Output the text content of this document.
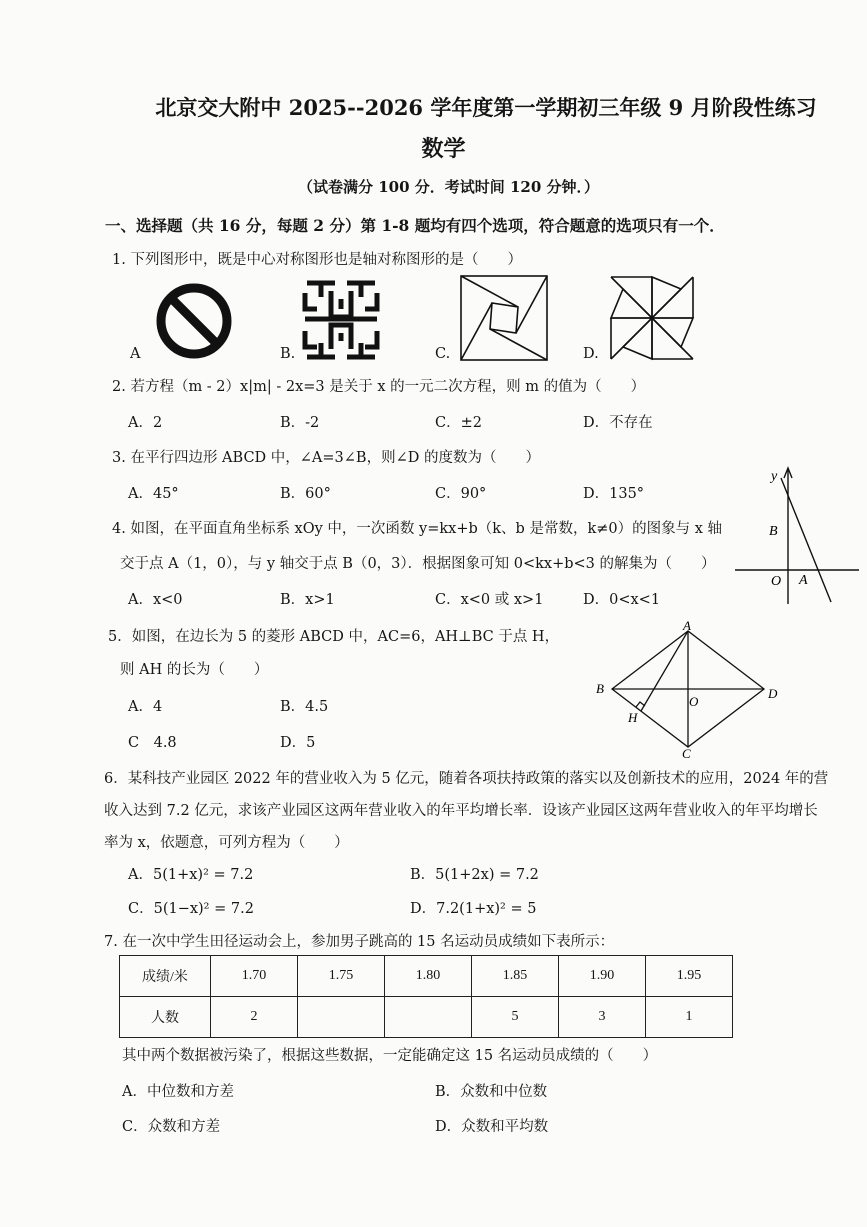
北京交大附中 2025--2026 学年度第一学期初三年级 9 月阶段性练习
数学
（试卷满分 100 分．考试时间 120 分钟．）
一、选择题（共 16 分，每题 2 分）第 1-8 题均有四个选项，符合题意的选项只有一个．
1. 下列图形中，既是中心对称图形也是轴对称图形的是（　　）
A	B.	C.	D.
2. 若方程（m - 2）x|m| - 2x=3 是关于 x 的一元二次方程，则 m 的值为（　　）
A．2	B．-2	C．±2	D．不存在
3. 在平行四边形 ABCD 中，∠A=3∠B，则∠D 的度数为（　　）
A．45°	B．60°	C．90°	D．135°
4. 如图，在平面直角坐标系 xOy 中，一次函数 y=kx+b（k、b 是常数，k≠0）的图象与 x 轴
交于点 A（1，0），与 y 轴交于点 B（0，3）．根据图象可知 0<kx+b<3 的解集为（　　）
A．x<0	B．x>1	C．x<0 或 x>1	D．0<x<1
y
B
O A
5．如图，在边长为 5 的菱形 ABCD 中，AC=6，AH⊥BC 于点 H，
则 AH 的长为（　　）
A．4	B．4.5
C　4.8	D．5
A
B	D
O
H
C
6．某科技产业园区 2022 年的营业收入为 5 亿元，随着各项扶持政策的落实以及创新技术的应用，2024 年的营
收入达到 7.2 亿元，求该产业园区这两年营业收入的年平均增长率．设该产业园区这两年营业收入的年平均增长
率为 x，依题意，可列方程为（　　）
A．5(1+x)² = 7.2	B．5(1+2x) = 7.2
C．5(1−x)² = 7.2	D．7.2(1+x)² = 5
7. 在一次中学生田径运动会上，参加男子跳高的 15 名运动员成绩如下表所示：
成绩/米	1.70	1.75	1.80	1.85	1.90	1.95
人数	2			5	3	1
其中两个数据被污染了，根据这些数据，一定能确定这 15 名运动员成绩的（　　）
A．中位数和方差	B．众数和中位数
C．众数和方差	D．众数和平均数
